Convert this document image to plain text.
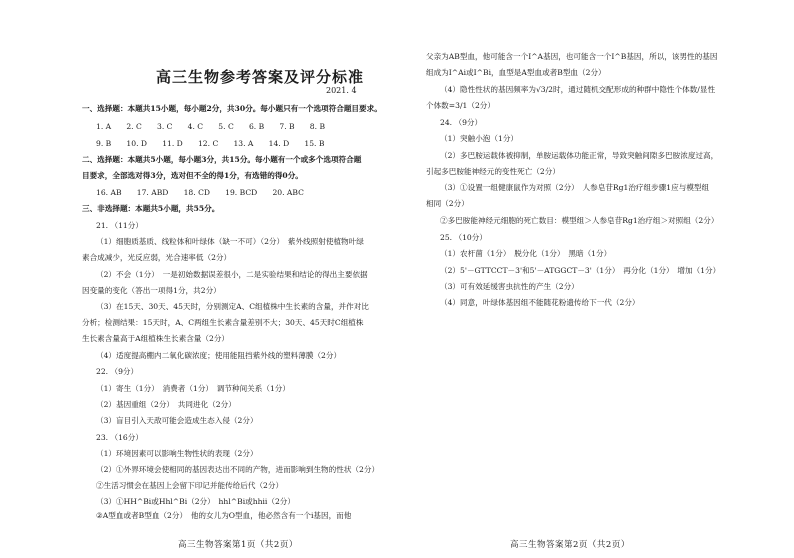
高三生物参考答案及评分标准
2021. 4
一、选择题：本题共15小题，每小题2分，共30分。每小题只有一个选项符合题目要求。
1. A　　2. C　　3. C　　4. C　　5. C　　6. B　　7. B　　8. B
9. B　　10. D　　11. D　　12. C　　13. A　　14. D　　15. B
二、选择题：本题共5小题，每小题3分，共15分。每小题有一个或多个选项符合题
目要求，全部选对得3分，选对但不全的得1分，有选错的得0分。
16. AB　　17. ABD　　18. CD　　19. BCD　　20. ABC
三、非选择题：本题共5小题，共55分。
21. （11分）
（1）细胞质基质、线粒体和叶绿体（缺一不可）（2分）　紫外线照射使植物叶绿
素合成减少，光反应弱，光合速率低（2分）
（2）不会（1分）　一是初始数据误差很小，二是实验结果和结论的得出主要依据
因变量的变化（答出一项得1分，共2分）
（3）在15天、30天、45天时，分别测定A、C组植株中生长素的含量，并作对比
分析；检测结果：15天时，A、C两组生长素含量差别不大；30天、45天时C组植株
生长素含量高于A组植株生长素含量（2分）
（4）适度提高棚内二氧化碳浓度；使用能阻挡紫外线的塑料薄膜（2分）
22. （9分）
（1）寄生（1分）　消费者（1分）　调节种间关系（1分）
（2）基因重组（2分）　共同进化（2分）
（3）盲目引入天敌可能会造成生态入侵（2分）
23. （16分）
（1）环境因素可以影响生物性状的表现（2分）
（2）①外界环境会使相同的基因表达出不同的产物，进而影响到生物的性状（2分）
②生活习惯会在基因上会留下印记并能传给后代（2分）
（3）①HH^Bi或Hhl^Bi（2分）　hhl^Bi或hhii（2分）
②A型血或者B型血（2分）　他的女儿为O型血，他必然含有一个i基因，而他
高三生物答案第1页（共2页）
父亲为AB型血，他可能含一个I^A基因，也可能含一个I^B基因，所以，该男性的基因
组成为I^Ai或I^Bi，血型是A型血或者B型血（2分）
（4）隐性性状的基因频率为√3/2时，通过随机交配形成的种群中隐性个体数/显性
个体数=3/1（2分）
24. （9分）
（1）突触小泡（1分）
（2）多巴胺运载体被抑制，单胺运载体功能正常，导致突触间隙多巴胺浓度过高，
引起多巴胺能神经元的变性死亡（2分）
（3）①设置一组健康鼠作为对照（2分）　人参皂苷Rg1治疗组步骤1应与模型组
相同（2分）
②多巴胺能神经元细胞的死亡数目：模型组＞人参皂苷Rg1治疗组＞对照组（2分）
25. （10分）
（1）农杆菌（1分）　脱分化（1分）　黑暗（1分）
（2）5'－GTTCCT－3'和5'－ATGGCT－3'（1分）　再分化（1分）　增加（1分）
（3）可有效延缓害虫抗性的产生（2分）
（4）同意，叶绿体基因组不能随花粉遗传给下一代（2分）
高三生物答案第2页（共2页）
